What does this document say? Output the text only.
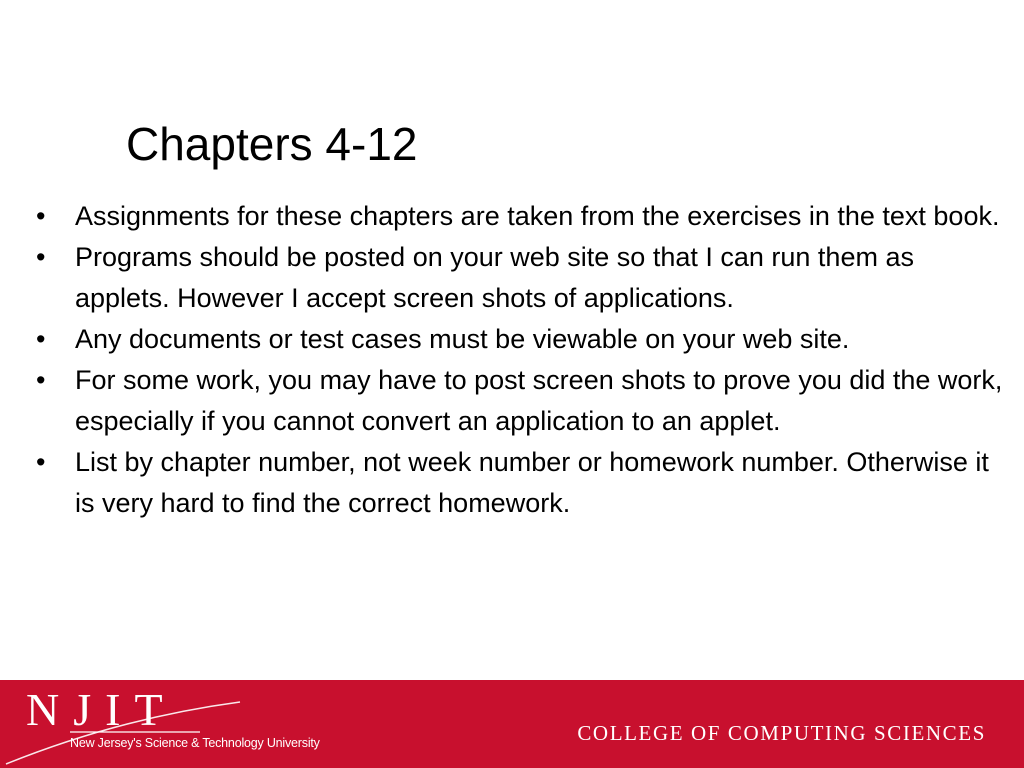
NJIT
New Jersey's Science & Technology University	COLLEGE OF COMPUTING SCIENCES
Chapters 4-12
• Assignments for these chapters are taken from the exercises in the text book.
• Programs should be posted on your web site so that I can run them as applets. However I accept screen shots of applications.
• Any documents or test cases must be viewable on your web site.
• For some work, you may have to post screen shots to prove you did the work, especially if you cannot convert an application to an applet.
• List by chapter number, not week number or homework number. Otherwise it is very hard to find the correct homework.
